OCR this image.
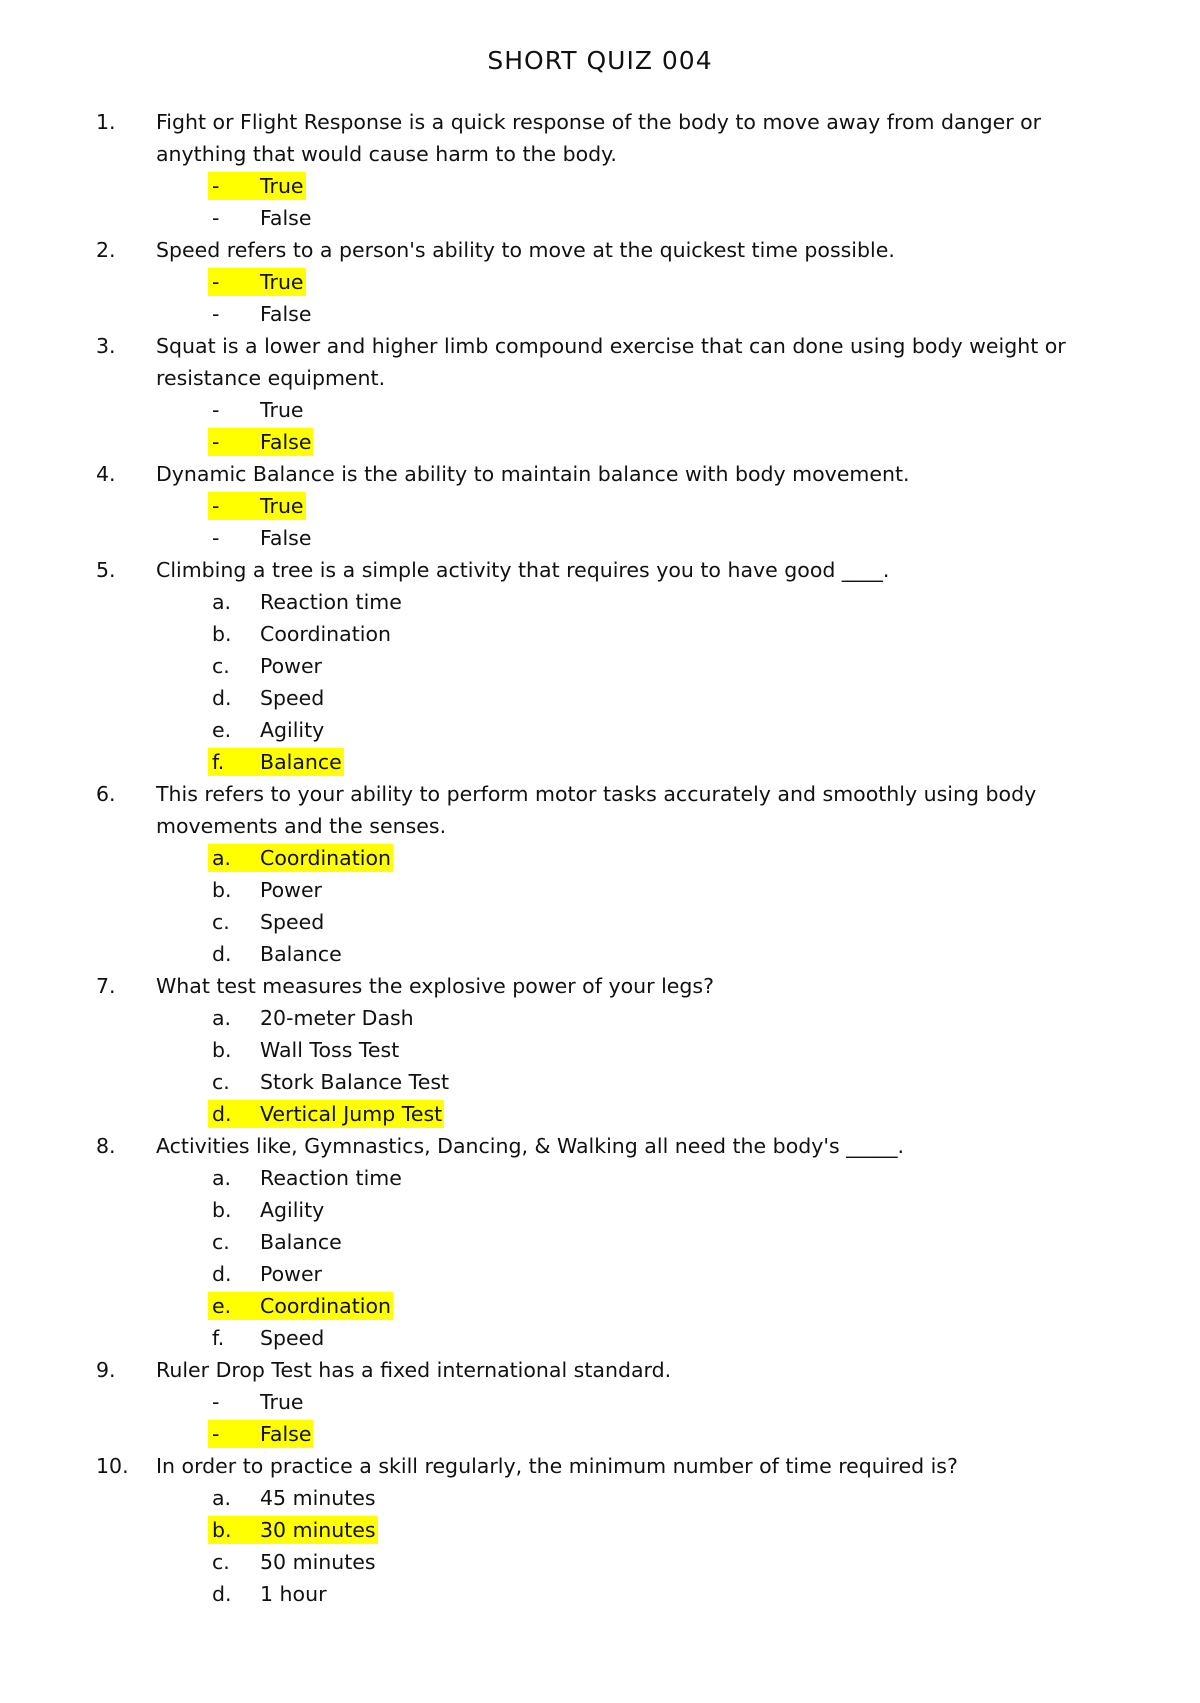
SHORT QUIZ 004
1.	Fight or Flight Response is a quick response of the body to move away from danger or anything that would cause harm to the body.
- True
- False
2.	Speed refers to a person's ability to move at the quickest time possible.
- True
- False
3.	Squat is a lower and higher limb compound exercise that can done using body weight or resistance equipment.
- True
- False
4.	Dynamic Balance is the ability to maintain balance with body movement.
- True
- False
5.	Climbing a tree is a simple activity that requires you to have good ____.
a. Reaction time
b. Coordination
c. Power
d. Speed
e. Agility
f. Balance
6.	This refers to your ability to perform motor tasks accurately and smoothly using body movements and the senses.
a. Coordination
b. Power
c. Speed
d. Balance
7.	What test measures the explosive power of your legs?
a. 20-meter Dash
b. Wall Toss Test
c. Stork Balance Test
d. Vertical Jump Test
8.	Activities like, Gymnastics, Dancing, & Walking all need the body's _____.
a. Reaction time
b. Agility
c. Balance
d. Power
e. Coordination
f. Speed
9.	Ruler Drop Test has a fixed international standard.
- True
- False
10.	In order to practice a skill regularly, the minimum number of time required is?
a. 45 minutes
b. 30 minutes
c. 50 minutes
d. 1 hour
